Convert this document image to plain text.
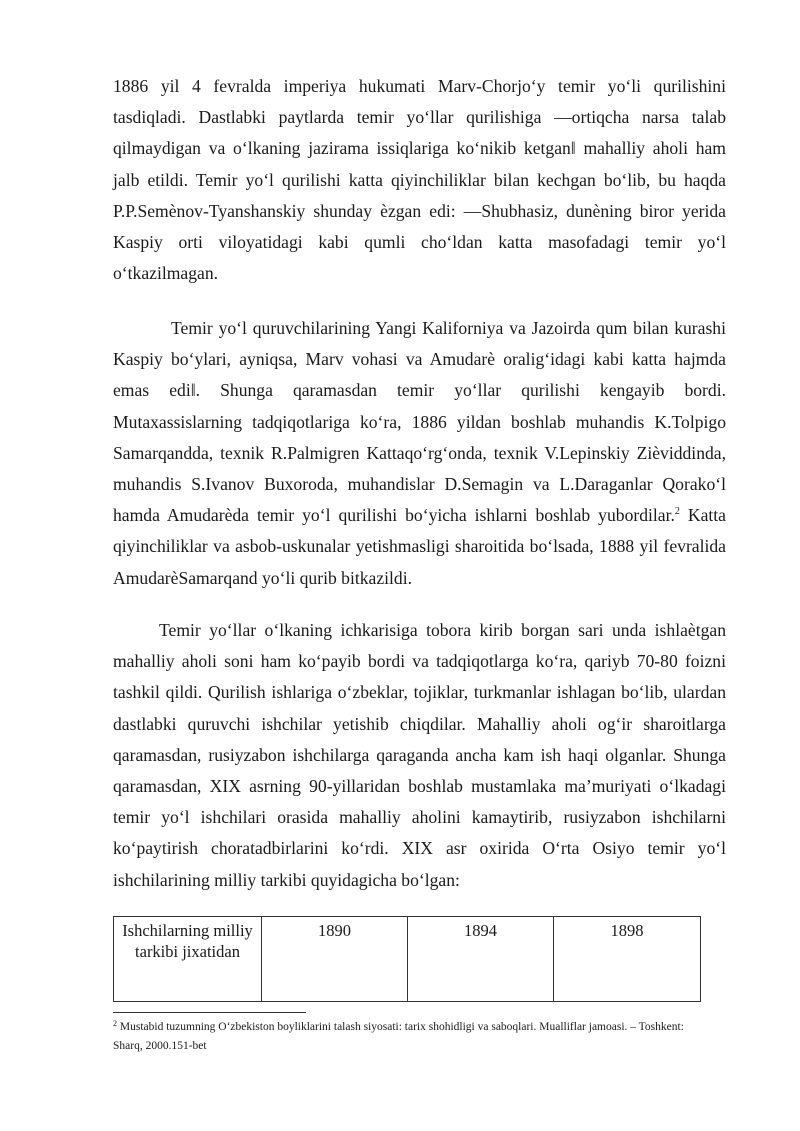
1886 yil 4 fevralda imperiya hukumati Marv-Chorjo‘y temir yo‘li qurilishini tasdiqladi. Dastlabki paytlarda temir yo‘llar qurilishiga ―ortiqcha narsa talab qilmaydigan va o‘lkaning jazirama issiqlariga ko‘nikib ketgan‖ mahalliy aholi ham jalb etildi. Temir yo‘l qurilishi katta qiyinchiliklar bilan kechgan bo‘lib, bu haqda P.P.Semènov-Tyanshanskiy shunday ѐzgan edi: ―Shubhasiz, dunѐning biror yerida Kaspiy orti viloyatidagi kabi qumli cho‘ldan katta masofadagi temir yo‘l o‘tkazilmagan.

Temir yo‘l quruvchilarining Yangi Kaliforniya va Jazoirda qum bilan kurashi Kaspiy bo‘ylari, ayniqsa, Marv vohasi va Amudarѐ oralig‘idagi kabi katta hajmda emas edi‖. Shunga qaramasdan temir yo‘llar qurilishi kengayib bordi. Mutaxassislarning tadqiqotlariga ko‘ra, 1886 yildan boshlab muhandis K.Tolpigo Samarqandda, texnik R.Palmigren Kattaqo‘rg‘onda, texnik V.Lepinskiy Ziѐviddinda, muhandis S.Ivanov Buxoroda, muhandislar D.Semagin va L.Daraganlar Qorako‘l hamda Amudarѐda temir yo‘l qurilishi bo‘yicha ishlarni boshlab yubordilar.$^2$ Katta qiyinchiliklar va asbob-uskunalar yetishmasligi sharoitida bo‘lsada, 1888 yil fevralida AmudarѐSamarqand yo‘li qurib bitkazildi.

Temir yo‘llar o‘lkaning ichkarisiga tobora kirib borgan sari unda ishlaѐtgan mahalliy aholi soni ham ko‘payib bordi va tadqiqotlarga ko‘ra, qariyb 70-80 foizni tashkil qildi. Qurilish ishlariga o‘zbeklar, tojiklar, turkmanlar ishlagan bo‘lib, ulardan dastlabki quruvchi ishchilar yetishib chiqdilar. Mahalliy aholi og‘ir sharoitlarga qaramasdan, rusiyzabon ishchilarga qaraganda ancha kam ish haqi olganlar. Shunga qaramasdan, XIX asrning 90-yillaridan boshlab mustamlaka ma’muriyati o‘lkadagi temir yo‘l ishchilari orasida mahalliy aholini kamaytirib, rusiyzabon ishchilarni ko‘paytirish choratadbirlarini ko‘rdi. XIX asr oxirida O‘rta Osiyo temir yo‘l ishchilarining milliy tarkibi quyidagicha bo‘lgan:

Ishchilarning milliy tarkibi jixatidan	1890	1894	1898

$^2$ Mustabid tuzumning O‘zbekiston boyliklarini talash siyosati: tarix shohidligi va saboqlari. Mualliflar jamoasi. – Toshkent: Sharq, 2000.151-bet
